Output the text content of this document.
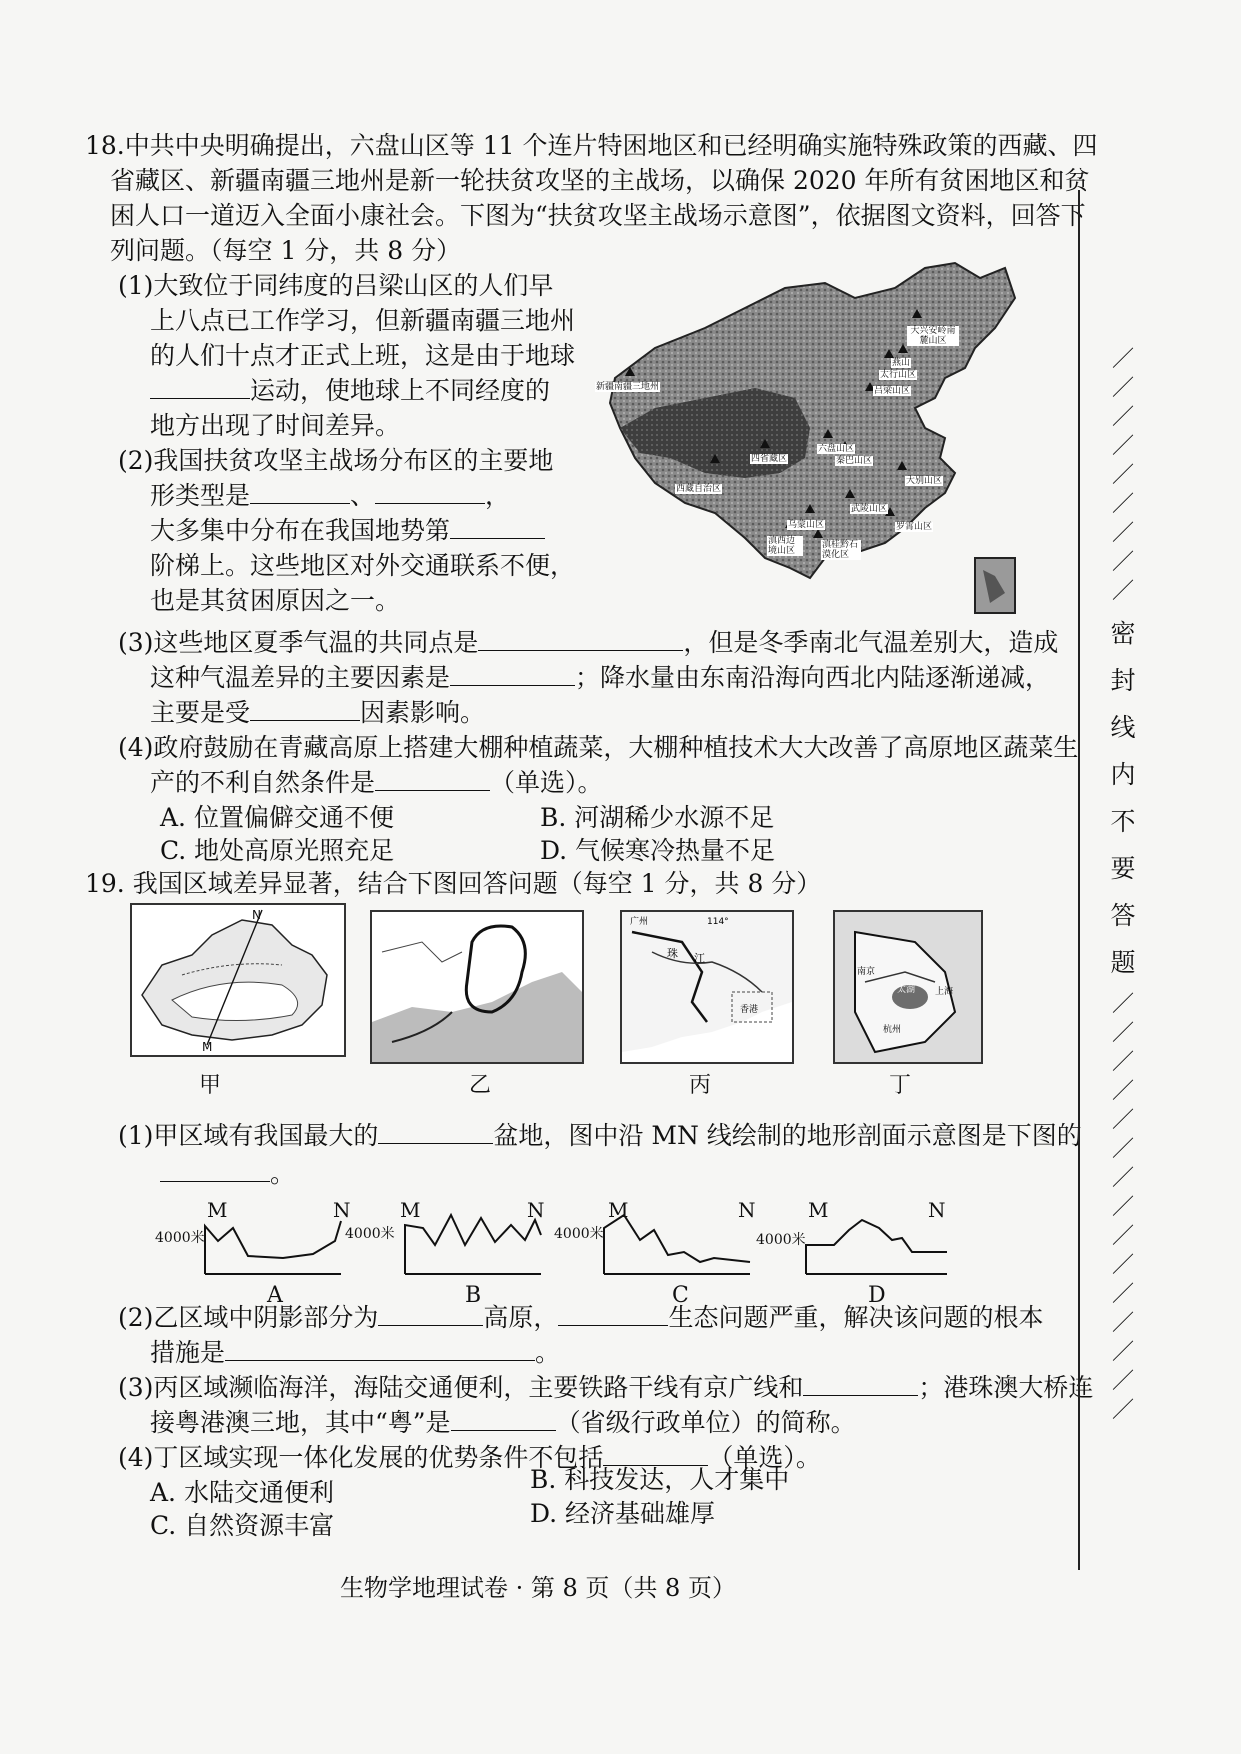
18.中共中央明确提出，六盘山区等 11 个连片特困地区和已经明确实施特殊政策的西藏、四
省藏区、新疆南疆三地州是新一轮扶贫攻坚的主战场，以确保 2020 年所有贫困地区和贫
困人口一道迈入全面小康社会。下图为“扶贫攻坚主战场示意图”，依据图文资料，回答下
列问题。（每空 1 分，共 8 分）
(1)大致位于同纬度的吕梁山区的人们早
上八点已工作学习，但新疆南疆三地州
的人们十点才正式上班，这是由于地球
运动，使地球上不同经度的
地方出现了时间差异。
(2)我国扶贫攻坚主战场分布区的主要地
形类型是	、	，
大多集中分布在我国地势第
阶梯上。这些地区对外交通联系不便，
也是其贫困原因之一。
大兴安岭南麓山区
燕山
太行山区
吕梁山区
新疆南疆三地州
六盘山区
四省藏区	秦巴山区
大别山区
西藏自治区
武陵山区
乌蒙山区	罗霄山区
滇西边境山区
滇桂黔石漠化区
(3)这些地区夏季气温的共同点是	，但是冬季南北气温差别大，造成
这种气温差异的主要因素是	；降水量由东南沿海向西北内陆逐渐递减，
主要是受	因素影响。
(4)政府鼓励在青藏高原上搭建大棚种植蔬菜，大棚种植技术大大改善了高原地区蔬菜生
产的不利自然条件是	（单选）。
A. 位置偏僻交通不便	B. 河湖稀少水源不足
C. 地处高原光照充足	D. 气候寒冷热量不足
19. 我国区域差异显著，结合下图回答问题（每空 1 分，共 8 分）
N
M
甲	乙
广州	114°
珠 江
香港
丙
南京
太湖 上海
杭州
丁
(1)甲区域有我国最大的	盆地，图中沿 MN 线绘制的地形剖面示意图是下图的
。
M	N
4000米
A
M	N
4000米
B
M	N
4000米
C
M	N
4000米
D
(2)乙区域中阴影部分为	高原，	生态问题严重，解决该问题的根本
措施是	。
(3)丙区域濒临海洋，海陆交通便利，主要铁路干线有京广线和	；港珠澳大桥连
接粤港澳三地，其中“粤”是	（省级行政单位）的简称。
(4)丁区域实现一体化发展的优势条件不包括	（单选）。
A. 水陆交通便利	B. 科技发达，人才集中
C. 自然资源丰富	D. 经济基础雄厚
生物学地理试卷 · 第 8 页（共 8 页）
／
／
／
／
／
／
／
／
／
密
封
线
内
不
要
答
题
／
／
／
／
／
／
／
／
／
／
／
／
／
／
／
